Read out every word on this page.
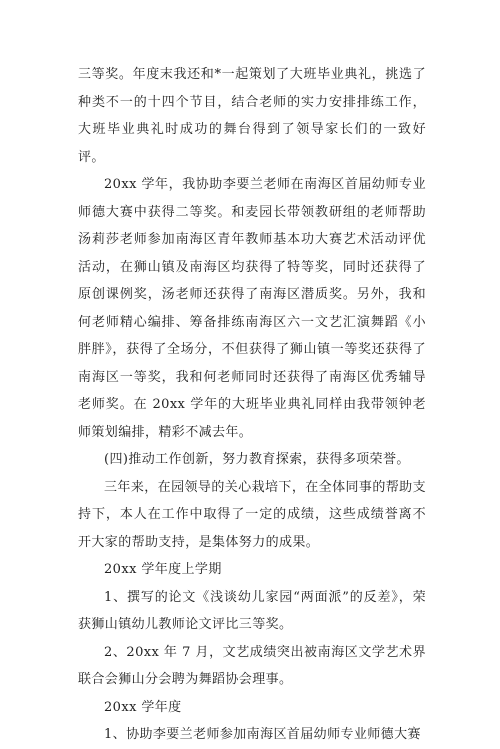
三等奖。年度末我还和*一起策划了大班毕业典礼，挑选了种类不一的十四个节目，结合老师的实力安排排练工作，大班毕业典礼时成功的舞台得到了领导家长们的一致好评。

20xx 学年，我协助李要兰老师在南海区首届幼师专业师德大赛中获得二等奖。和麦园长带领教研组的老师帮助汤莉莎老师参加南海区青年教师基本功大赛艺术活动评优活动，在狮山镇及南海区均获得了特等奖，同时还获得了原创课例奖，汤老师还获得了南海区潜质奖。另外，我和何老师精心编排、筹备排练南海区六一文艺汇演舞蹈《小胖胖》，获得了全场分，不但获得了狮山镇一等奖还获得了南海区一等奖，我和何老师同时还获得了南海区优秀辅导老师奖。在 20xx 学年的大班毕业典礼同样由我带领钟老师策划编排，精彩不减去年。

(四)推动工作创新，努力教育探索，获得多项荣誉。

三年来，在园领导的关心栽培下，在全体同事的帮助支持下，本人在工作中取得了一定的成绩，这些成绩誉离不开大家的帮助支持，是集体努力的成果。

20xx 学年度上学期

1、撰写的论文《浅谈幼儿家园“两面派”的反差》，荣获狮山镇幼儿教师论文评比三等奖。

2、20xx 年 7 月，文艺成绩突出被南海区文学艺术界联合会狮山分会聘为舞蹈协会理事。

20xx 学年度

1、协助李要兰老师参加南海区首届幼师专业师德大赛
